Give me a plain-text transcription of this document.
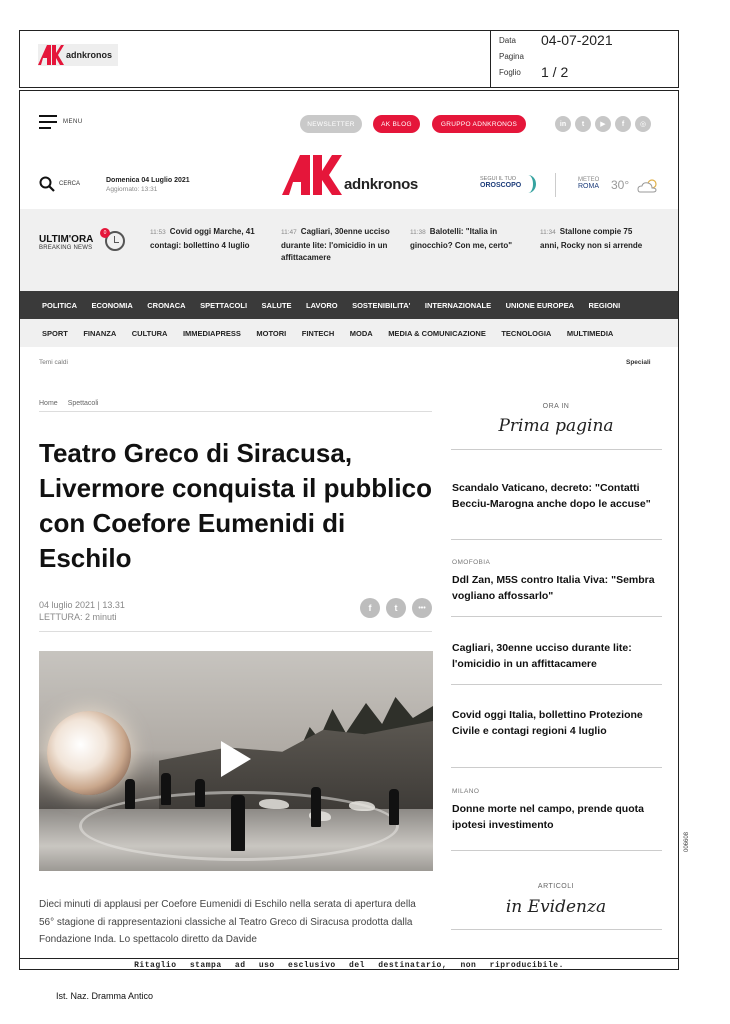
adnkronos
Data 04-07-2021
Pagina
Foglio 1 / 2
MENU	NEWSLETTER	AK BLOG	GRUPPO ADNKRONOS	in	t	▶	f	◎
CERCA	Domenica 04 Luglio 2021
Aggiornato: 13:31	adnkronos	SEGUI IL TUO
OROSCOPO
METEO
ROMA 30°
ULTIM'ORA
BREAKING NEWS
0	11:53 Covid oggi Marche, 41 contagi: bollettino 4 luglio
11:47 Cagliari, 30enne ucciso durante lite: l'omicidio in un affittacamere
11:38 Balotelli: "Italia in ginocchio? Con me, certo"
11:34 Stallone compie 75 anni, Rocky non si arrende
POLITICA ECONOMIA CRONACA SPETTACOLI SALUTE LAVORO SOSTENIBILITA' INTERNAZIONALE UNIONE EUROPEA REGIONI
SPORT FINANZA CULTURA IMMEDIAPRESS MOTORI FINTECH MODA MEDIA & COMUNICAZIONE TECNOLOGIA MULTIMEDIA
Temi caldi	Speciali
Home Spettacoli
Teatro Greco di Siracusa, Livermore conquista il pubblico con Coefore Eumenidi di Eschilo
04 luglio 2021 | 13.31
LETTURA: 2 minuti
f	t	•••

Dieci minuti di applausi per Coefore Eumenidi di Eschilo nella serata di apertura della 56° stagione di rappresentazioni classiche al Teatro Greco di Siracusa prodotta dalla Fondazione Inda. Lo spettacolo diretto da Davide

ORA IN
Prima pagina
Scandalo Vaticano, decreto: "Contatti Becciu-Marogna anche dopo le accuse"
OMOFOBIA
Ddl Zan, M5S contro Italia Viva: "Sembra vogliano affossarlo"
Cagliari, 30enne ucciso durante lite: l'omicidio in un affittacamere
Covid oggi Italia, bollettino Protezione Civile e contagi regioni 4 luglio
MILANO
Donne morte nel campo, prende quota ipotesi investimento
ARTICOLI
in Evidenza
Ritaglio stampa ad uso esclusivo del destinatario, non riproducibile.
006608
Ist. Naz. Dramma Antico
